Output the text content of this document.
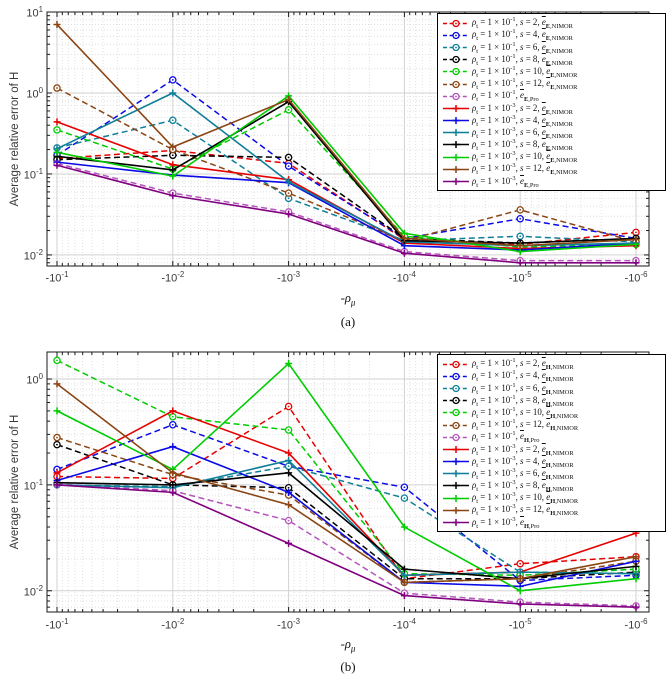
Average relative error of H
$-10^{-1}$	$-10^{-2}$	$-10^{-3}$	$-10^{-4}$	$-10^{-5}$	$-10^{-6}$
$10^1$
$10^0$
$10^{-1}$
$10^{-2}$
$-\rho_\mu$
(a)
$\rho_t = 1 \times 10^{-1}$, s = 2, $\overline{e}_{E,NIMOR}$
$\rho_t = 1 \times 10^{-1}$, s = 4, $\overline{e}_{E,NIMOR}$
$\rho_t = 1 \times 10^{-1}$, s = 6, $\overline{e}_{E,NIMOR}$
$\rho_t = 1 \times 10^{-1}$, s = 8, $\overline{e}_{E,NIMOR}$
$\rho_t = 1 \times 10^{-1}$, s = 10, $\overline{e}_{E,NIMOR}$
$\rho_t = 1 \times 10^{-1}$, s = 12, $\overline{e}_{E,NIMOR}$
$\rho_t = 1 \times 10^{-1}$, $\overline{e}_{E,Pro}$
$\rho_t = 1 \times 10^{-3}$, s = 2, $\overline{e}_{E,NIMOR}$
$\rho_t = 1 \times 10^{-3}$, s = 4, $\overline{e}_{E,NIMOR}$
$\rho_t = 1 \times 10^{-3}$, s = 6, $\overline{e}_{E,NIMOR}$
$\rho_t = 1 \times 10^{-3}$, s = 8, $\overline{e}_{E,NIMOR}$
$\rho_t = 1 \times 10^{-3}$, s = 10, $\overline{e}_{E,NIMOR}$
$\rho_t = 1 \times 10^{-3}$, s = 12, $\overline{e}_{E,NIMOR}$
$\rho_t = 1 \times 10^{-3}$, $\overline{e}_{E,Pro}$
Average relative error of H
$-10^{-1}$	$-10^{-2}$	$-10^{-3}$	$-10^{-4}$	$-10^{-5}$	$-10^{-6}$
$10^0$
$10^{-1}$
$10^{-2}$
$-\rho_\mu$
(b)
$\rho_t = 1 \times 10^{-1}$, s = 2, $\overline{e}_{H,NIMOR}$
$\rho_t = 1 \times 10^{-1}$, s = 4, $\overline{e}_{H,NIMOR}$
$\rho_t = 1 \times 10^{-1}$, s = 6, $\overline{e}_{H,NIMOR}$
$\rho_t = 1 \times 10^{-1}$, s = 8, $\overline{e}_{H,NIMOR}$
$\rho_t = 1 \times 10^{-1}$, s = 10, $\overline{e}_{H,NIMOR}$
$\rho_t = 1 \times 10^{-1}$, s = 12, $\overline{e}_{H,NIMOR}$
$\rho_t = 1 \times 10^{-1}$, $\overline{e}_{H,Pro}$
$\rho_t = 1 \times 10^{-3}$, s = 2, $\overline{e}_{H,NIMOR}$
$\rho_t = 1 \times 10^{-3}$, s = 4, $\overline{e}_{H,NIMOR}$
$\rho_t = 1 \times 10^{-3}$, s = 6, $\overline{e}_{H,NIMOR}$
$\rho_t = 1 \times 10^{-3}$, s = 8, $\overline{e}_{H,NIMOR}$
$\rho_t = 1 \times 10^{-3}$, s = 10, $\overline{e}_{H,NIMOR}$
$\rho_t = 1 \times 10^{-3}$, s = 12, $\overline{e}_{H,NIMOR}$
$\rho_t = 1 \times 10^{-3}$, $\overline{e}_{H,Pro}$
